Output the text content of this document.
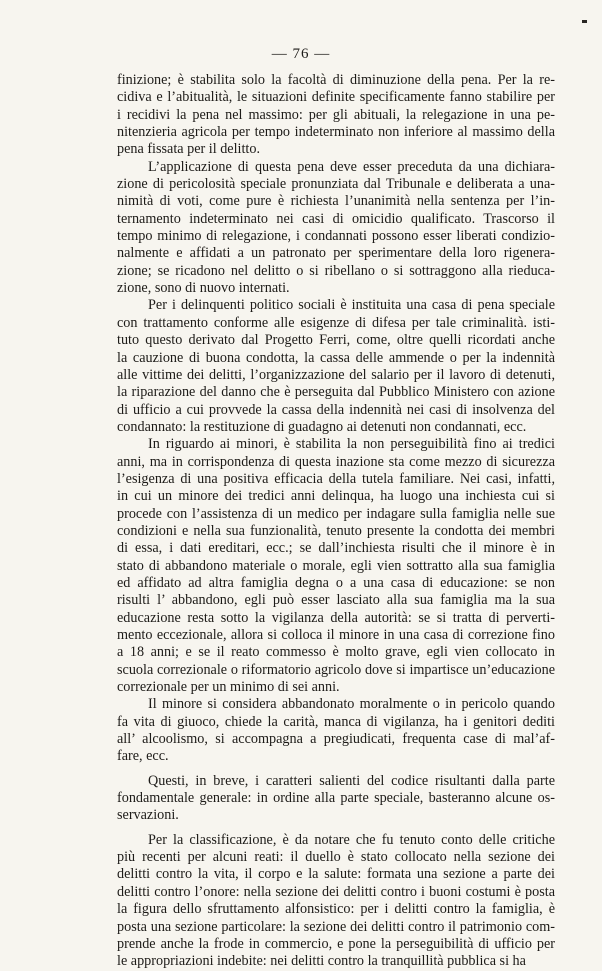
— 76 —

finizione; è stabilita solo la facoltà di diminuzione della pena. Per la re-
cidiva e l’abitualità, le situazioni definite specificamente fanno stabilire per
i recidivi la pena nel massimo: per gli abituali, la relegazione in una pe-
nitenzieria agricola per tempo indeterminato non inferiore al massimo della
pena fissata per il delitto.

L’applicazione di questa pena deve esser preceduta da una dichiara-
zione di pericolosità speciale pronunziata dal Tribunale e deliberata a una-
nimità di voti, come pure è richiesta l’unanimità nella sentenza per l’in-
ternamento indeterminato nei casi di omicidio qualificato. Trascorso il
tempo minimo di relegazione, i condannati possono esser liberati condizio-
nalmente e affidati a un patronato per sperimentare della loro rigenera-
zione; se ricadono nel delitto o si ribellano o si sottraggono alla rieduca-
zione, sono di nuovo internati.

Per i delinquenti politico sociali è instituita una casa di pena speciale
con trattamento conforme alle esigenze di difesa per tale criminalità. isti-
tuto questo derivato dal Progetto Ferri, come, oltre quelli ricordati anche
la cauzione di buona condotta, la cassa delle ammende o per la indennità
alle vittime dei delitti, l’organizzazione del salario per il lavoro di detenuti,
la riparazione del danno che è perseguita dal Pubblico Ministero con azione
di ufficio a cui provvede la cassa della indennità nei casi di insolvenza del
condannato: la restituzione di guadagno ai detenuti non condannati, ecc.

In riguardo ai minori, è stabilita la non perseguibilità fino ai tredici
anni, ma in corrispondenza di questa inazione sta come mezzo di sicurezza
l’esigenza di una positiva efficacia della tutela familiare. Nei casi, infatti,
in cui un minore dei tredici anni delinqua, ha luogo una inchiesta cui si
procede con l’assistenza di un medico per indagare sulla famiglia nelle sue
condizioni e nella sua funzionalità, tenuto presente la condotta dei membri
di essa, i dati ereditari, ecc.; se dall’inchiesta risulti che il minore è in
stato di abbandono materiale o morale, egli vien sottratto alla sua famiglia
ed affidato ad altra famiglia degna o a una casa di educazione: se non
risulti l’ abbandono, egli può esser lasciato alla sua famiglia ma la sua
educazione resta sotto la vigilanza della autorità: se si tratta di perverti-
mento eccezionale, allora si colloca il minore in una casa di correzione fino
a 18 anni; e se il reato commesso è molto grave, egli vien collocato in
scuola correzionale o riformatorio agricolo dove si impartisce un’educazione
correzionale per un minimo di sei anni.

Il minore si considera abbandonato moralmente o in pericolo quando
fa vita di giuoco, chiede la carità, manca di vigilanza, ha i genitori dediti
all’ alcoolismo, si accompagna a pregiudicati, frequenta case di mal’af-
fare, ecc.

Questi, in breve, i caratteri salienti del codice risultanti dalla parte
fondamentale generale: in ordine alla parte speciale, basteranno alcune os-
servazioni.

Per la classificazione, è da notare che fu tenuto conto delle critiche
più recenti per alcuni reati: il duello è stato collocato nella sezione dei
delitti contro la vita, il corpo e la salute: formata una sezione a parte dei
delitti contro l’onore: nella sezione dei delitti contro i buoni costumi è posta
la figura dello sfruttamento alfonsistico: per i delitti contro la famiglia, è
posta una sezione particolare: la sezione dei delitti contro il patrimonio com-
prende anche la frode in commercio, e pone la perseguibilità di ufficio per
le appropriazioni indebite: nei delitti contro la tranquillità pubblica si ha
